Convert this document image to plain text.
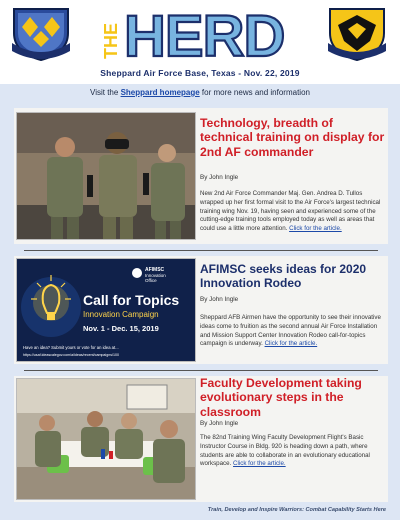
THE HERD
Sheppard Air Force Base, Texas - Nov. 22, 2019
Visit the Sheppard homepage for more news and information
Technology, breadth of technical training on display for 2nd AF commander
By John Ingle
New 2nd Air Force Commander Maj. Gen. Andrea D. Tullos wrapped up her first formal visit to the Air Force's largest technical training wing Nov. 19, having seen and experienced some of the cutting-edge training tools employed today as well as areas that could use a little more attention. Click for the article.
AFIMSC
Innovation
Office
Call for Topics
Innovation Campaign
Nov. 1 - Dec. 15, 2019
Have an idea? Submit yours or vote for an idea at...
https://usaf.ideascalegov.com/a/ideas/recent/campaigns/100
AFIMSC seeks ideas for 2020 Innovation Rodeo
By John Ingle
Sheppard AFB Airmen have the opportunity to see their innovative ideas come to fruition as the second annual Air Force Installation and Mission Support Center Innovation Rodeo call-for-topics campaign is underway. Click for the article.
Faculty Development taking evolutionary steps in the classroom
By John Ingle
The 82nd Training Wing Faculty Development Flight's Basic Instructor Course in Bldg. 920 is heading down a path, where students are able to collaborate in an evolutionary educational workspace. Click for the article.
Train, Develop and Inspire Warriors: Combat Capability Starts Here
